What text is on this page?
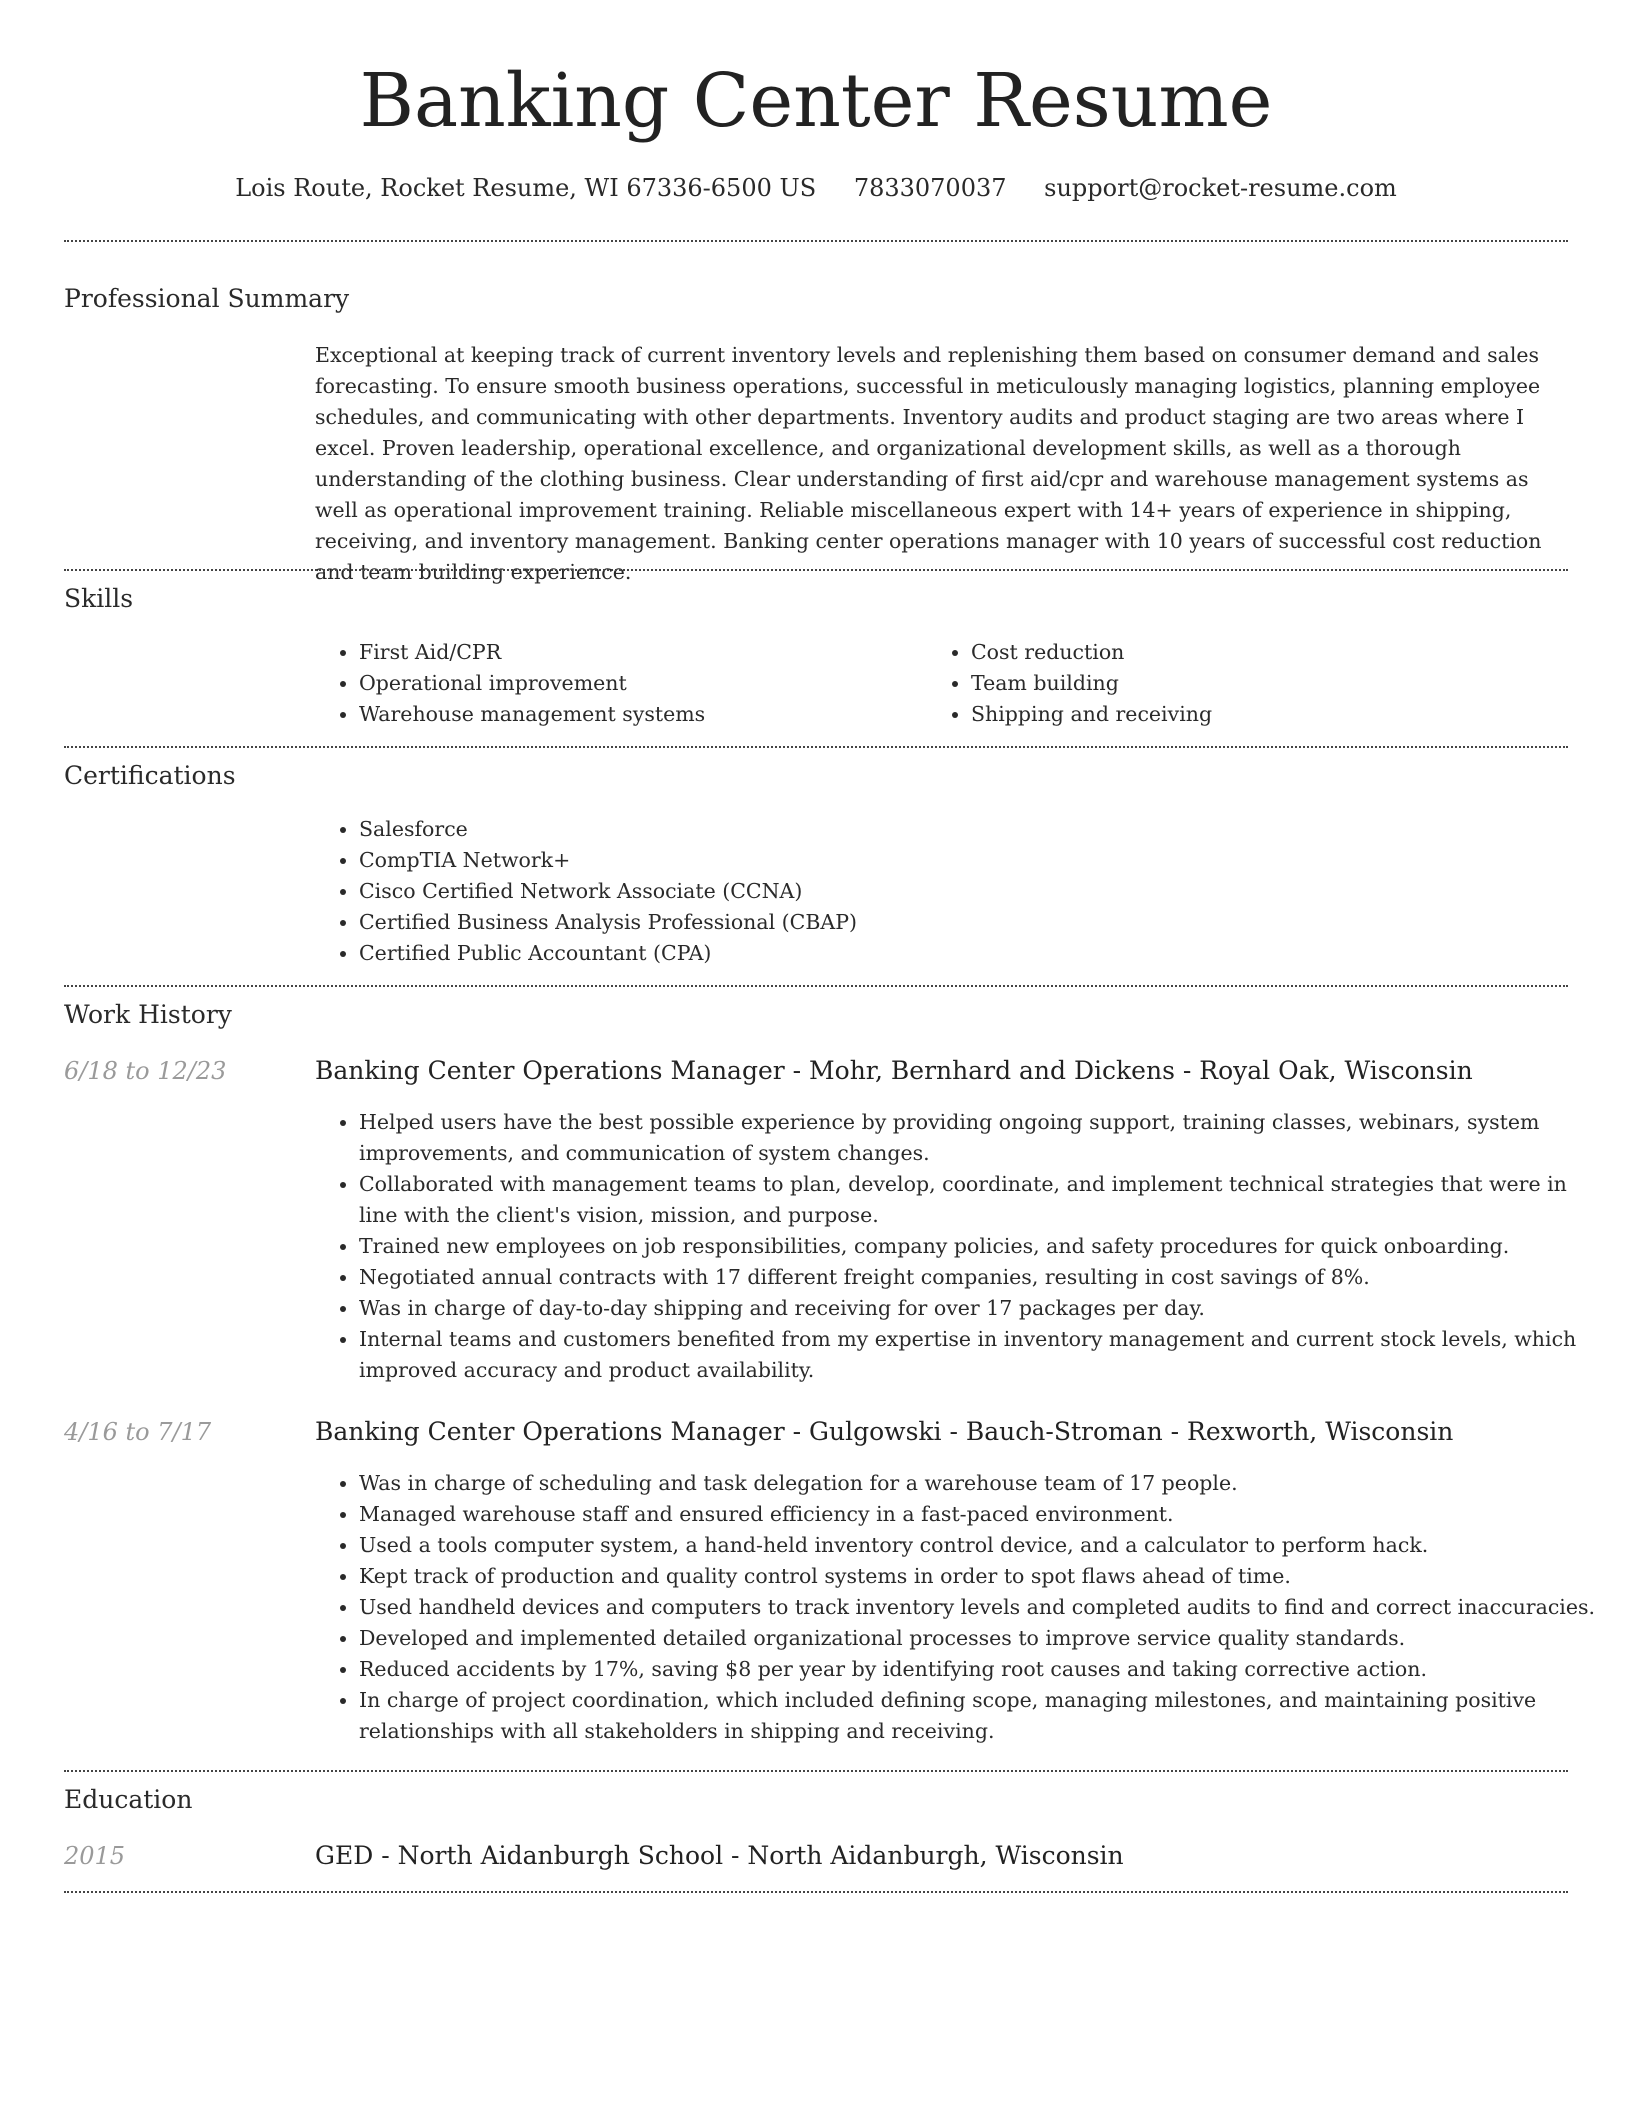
Banking Center Resume
Lois Route, Rocket Resume, WI 67336-6500 US 7833070037 support@rocket-resume.com
Professional Summary

Exceptional at keeping track of current inventory levels and replenishing them based on consumer demand and sales forecasting. To ensure smooth business operations, successful in meticulously managing logistics, planning employee schedules, and communicating with other departments. Inventory audits and product staging are two areas where I excel. Proven leadership, operational excellence, and organizational development skills, as well as a thorough understanding of the clothing business. Clear understanding of first aid/cpr and warehouse management systems as well as operational improvement training. Reliable miscellaneous expert with 14+ years of experience in shipping, receiving, and inventory management. Banking center operations manager with 10 years of successful cost reduction and team building experience.

Skills
• First Aid/CPR
• Operational improvement
• Warehouse management systems
• Cost reduction
• Team building
• Shipping and receiving
Certifications
• Salesforce
• CompTIA Network+
• Cisco Certified Network Associate (CCNA)
• Certified Business Analysis Professional (CBAP)
• Certified Public Accountant (CPA)
Work History
6/18 to 12/23	Banking Center Operations Manager - Mohr, Bernhard and Dickens - Royal Oak, Wisconsin
• Helped users have the best possible experience by providing ongoing support, training classes, webinars, system improvements, and communication of system changes.
• Collaborated with management teams to plan, develop, coordinate, and implement technical strategies that were in line with the client's vision, mission, and purpose.
• Trained new employees on job responsibilities, company policies, and safety procedures for quick onboarding.
• Negotiated annual contracts with 17 different freight companies, resulting in cost savings of 8%.
• Was in charge of day-to-day shipping and receiving for over 17 packages per day.
• Internal teams and customers benefited from my expertise in inventory management and current stock levels, which improved accuracy and product availability.
4/16 to 7/17	Banking Center Operations Manager - Gulgowski - Bauch-Stroman - Rexworth, Wisconsin
• Was in charge of scheduling and task delegation for a warehouse team of 17 people.
• Managed warehouse staff and ensured efficiency in a fast-paced environment.
• Used a tools computer system, a hand-held inventory control device, and a calculator to perform hack.
• Kept track of production and quality control systems in order to spot flaws ahead of time.
• Used handheld devices and computers to track inventory levels and completed audits to find and correct inaccuracies.
• Developed and implemented detailed organizational processes to improve service quality standards.
• Reduced accidents by 17%, saving $8 per year by identifying root causes and taking corrective action.
• In charge of project coordination, which included defining scope, managing milestones, and maintaining positive relationships with all stakeholders in shipping and receiving.
Education
2015	GED - North Aidanburgh School - North Aidanburgh, Wisconsin
